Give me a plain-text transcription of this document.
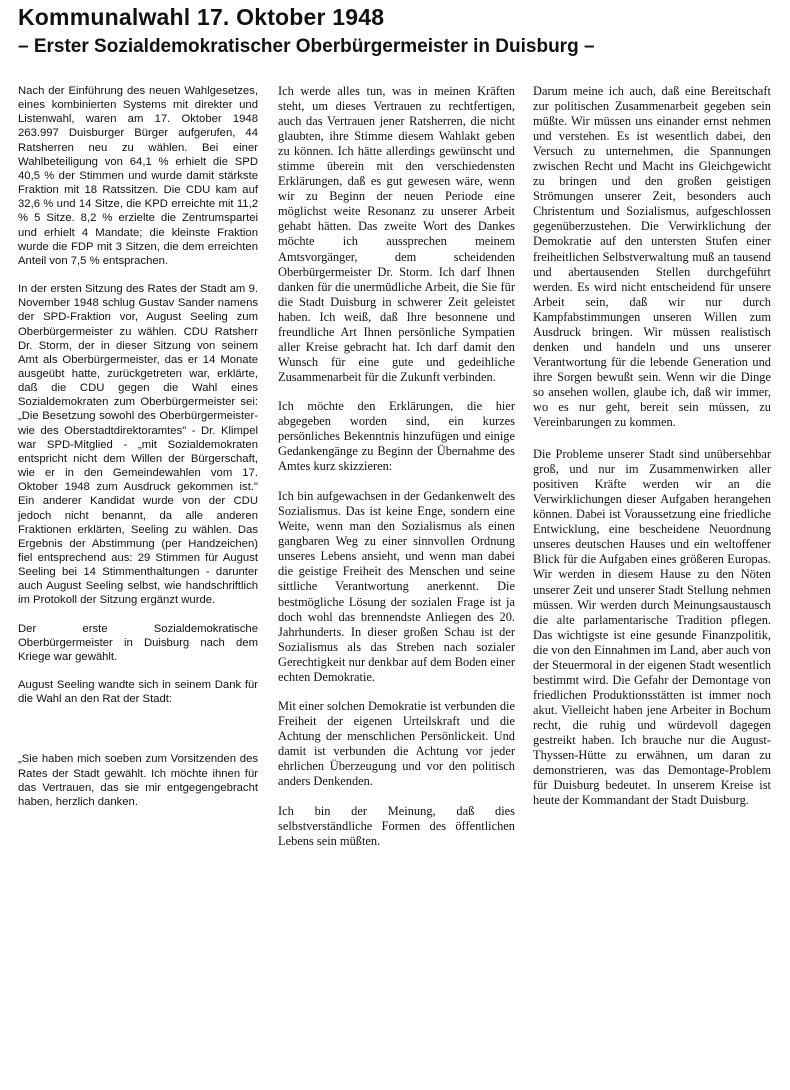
Kommunalwahl 17. Oktober 1948
– Erster Sozialdemokratischer Oberbürgermeister in Duisburg –

Nach der Einführung des neuen Wahlgesetzes, eines kombinierten Systems mit direkter und Listenwahl, waren am 17. Oktober 1948 263.997 Duisburger Bürger aufgerufen, 44 Ratsherren neu zu wählen. Bei einer Wahlbeteiligung von 64,1 % erhielt die SPD 40,5 % der Stimmen und wurde damit stärkste Fraktion mit 18 Ratssitzen. Die CDU kam auf 32,6 % und 14 Sitze, die KPD erreichte mit 11,2 % 5 Sitze. 8,2 % erzielte die Zentrumspartei und erhielt 4 Mandate; die kleinste Fraktion wurde die FDP mit 3 Sitzen, die dem erreichten Anteil von 7,5 % entsprachen.

In der ersten Sitzung des Rates der Stadt am 9. November 1948 schlug Gustav Sander namens der SPD-Fraktion vor, August Seeling zum Oberbürgermeister zu wählen. CDU Ratsherr Dr. Storm, der in dieser Sitzung von seinem Amt als Oberbürgermeister, das er 14 Monate ausgeübt hatte, zurückgetreten war, erklärte, daß die CDU gegen die Wahl eines Sozialdemokraten zum Oberbürgermeister sei: „Die Besetzung sowohl des Oberbürgermeister- wie des Oberstadtdirektoramtes" - Dr. Klimpel war SPD-Mitglied - „mit Sozialdemokraten entspricht nicht dem Willen der Bürgerschaft, wie er in den Gemeindewahlen vom 17. Oktober 1948 zum Ausdruck gekommen ist." Ein anderer Kandidat wurde von der CDU jedoch nicht benannt, da alle anderen Fraktionen erklärten, Seeling zu wählen. Das Ergebnis der Abstimmung (per Handzeichen) fiel entsprechend aus: 29 Stimmen für August Seeling bei 14 Stimmenthaltungen - darunter auch August Seeling selbst, wie handschriftlich im Protokoll der Sitzung ergänzt wurde.

Der erste Sozialdemokratische Oberbürgermeister in Duisburg nach dem Kriege war gewählt.

August Seeling wandte sich in seinem Dank für die Wahl an den Rat der Stadt:

„Sie haben mich soeben zum Vorsitzenden des Rates der Stadt gewählt. Ich möchte ihnen für das Vertrauen, das sie mir entgegengebracht haben, herzlich danken.

Ich werde alles tun, was in meinen Kräften steht, um dieses Vertrauen zu rechtfertigen, auch das Vertrauen jener Ratsherren, die nicht glaubten, ihre Stimme diesem Wahlakt geben zu können. Ich hätte allerdings gewünscht und stimme überein mit den verschiedensten Erklärungen, daß es gut gewesen wäre, wenn wir zu Beginn der neuen Periode eine möglichst weite Resonanz zu unserer Arbeit gehabt hätten. Das zweite Wort des Dankes möchte ich aussprechen meinem Amtsvorgänger, dem scheidenden Oberbürgermeister Dr. Storm. Ich darf Ihnen danken für die unermüdliche Arbeit, die Sie für die Stadt Duisburg in schwerer Zeit geleistet haben. Ich weiß, daß Ihre besonnene und freundliche Art Ihnen persönliche Sympatien aller Kreise gebracht hat. Ich darf damit den Wunsch für eine gute und gedeihliche Zusammenarbeit für die Zukunft verbinden.

Ich möchte den Erklärungen, die hier abgegeben worden sind, ein kurzes persönliches Bekenntnis hinzufügen und einige Gedankengänge zu Beginn der Übernahme des Amtes kurz skizzieren:

Ich bin aufgewachsen in der Gedankenwelt des Sozialismus. Das ist keine Enge, sondern eine Weite, wenn man den Sozialismus als einen gangbaren Weg zu einer sinnvollen Ordnung unseres Lebens ansieht, und wenn man dabei die geistige Freiheit des Menschen und seine sittliche Verantwortung anerkennt. Die bestmögliche Lösung der sozialen Frage ist ja doch wohl das brennendste Anliegen des 20. Jahrhunderts. In dieser großen Schau ist der Sozialismus als das Streben nach sozialer Gerechtigkeit nur denkbar auf dem Boden einer echten Demokratie.

Mit einer solchen Demokratie ist verbunden die Freiheit der eigenen Urteilskraft und die Achtung der menschlichen Persönlickeit. Und damit ist verbunden die Achtung vor jeder ehrlichen Überzeugung und vor den politisch anders Denkenden.

Ich bin der Meinung, daß dies selbstverständliche Formen des öffentlichen Lebens sein müßten.

Darum meine ich auch, daß eine Bereitschaft zur politischen Zusammenarbeit gegeben sein müßte. Wir müssen uns einander ernst nehmen und verstehen. Es ist wesentlich dabei, den Versuch zu unternehmen, die Spannungen zwischen Recht und Macht ins Gleichgewicht zu bringen und den großen geistigen Strömungen unserer Zeit, besonders auch Christentum und Sozialismus, aufgeschlossen gegenüberzustehen. Die Verwirklichung der Demokratie auf den untersten Stufen einer freiheitlichen Selbstverwaltung muß an tausend und abertausenden Stellen durchgeführt werden. Es wird nicht entscheidend für unsere Arbeit sein, daß wir nur durch Kampfabstimmungen unseren Willen zum Ausdruck bringen. Wir müssen realistisch denken und handeln und uns unserer Verantwortung für die lebende Generation und ihre Sorgen bewußt sein. Wenn wir die Dinge so ansehen wollen, glaube ich, daß wir immer, wo es nur geht, bereit sein müssen, zu Vereinbarungen zu kommen.

Die Probleme unserer Stadt sind unübersehbar groß, und nur im Zusammenwirken aller positiven Kräfte werden wir an die Verwirklichungen dieser Aufgaben herangehen können. Dabei ist Voraussetzung eine friedliche Entwicklung, eine bescheidene Neuordnung unseres deutschen Hauses und ein weltoffener Blick für die Aufgaben eines größeren Europas. Wir werden in diesem Hause zu den Nöten unserer Zeit und unserer Stadt Stellung nehmen müssen. Wir werden durch Meinungsaustausch die alte parlamentarische Tradition pflegen. Das wichtigste ist eine gesunde Finanzpolitik, die von den Einnahmen im Land, aber auch von der Steuermoral in der eigenen Stadt wesentlich bestimmt wird. Die Gefahr der Demontage von friedlichen Produktionsstätten ist immer noch akut. Vielleicht haben jene Arbeiter in Bochum recht, die ruhig und würdevoll dagegen gestreikt haben. Ich brauche nur die August-Thyssen-Hütte zu erwähnen, um daran zu demonstrieren, was das Demontage-Problem für Duisburg bedeutet. In unserem Kreise ist heute der Kommandant der Stadt Duisburg.
